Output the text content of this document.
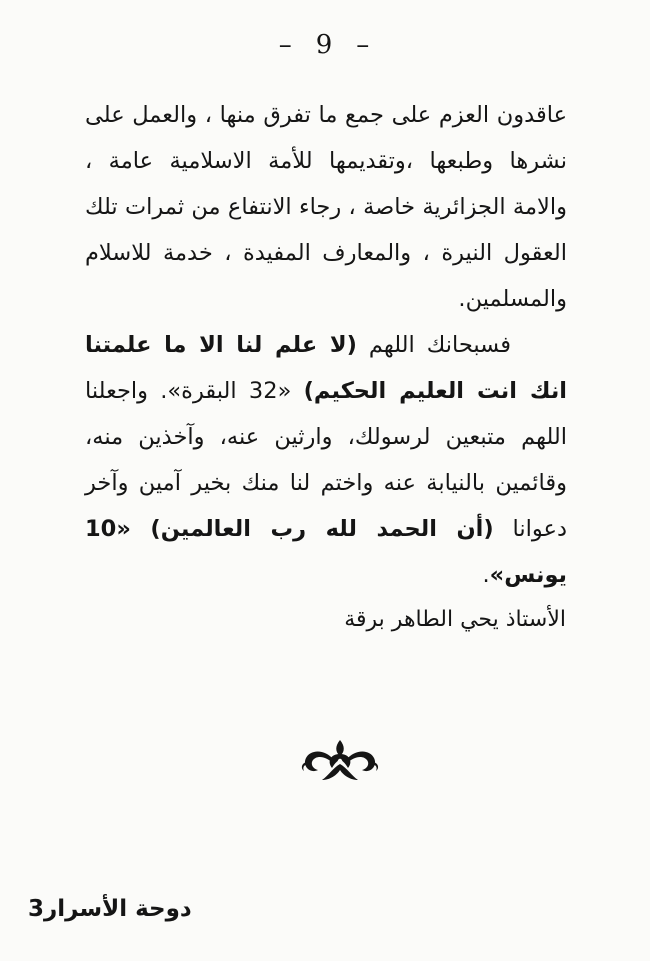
– 9 –

عاقدون العزم على جمع ما تفرق منها ، والعمل على نشرها وطبعها ،وتقديمها للأمة الاسلامية عامة ، والامة الجزائرية خاصة ، رجاء الانتفاع من ثمرات تلك العقول النيرة ، والمعارف المفيدة ، خدمة للاسلام والمسلمين.

فسبحانك اللهم (لا علم لنا الا ما علمتنا انك انت العليم الحكيم) «32 البقرة». واجعلنا اللهم متبعين لرسولك، وارثين عنه، وآخذين منه، وقائمين بالنيابة عنه واختم لنا منك بخير آمين وآخر دعوانا (أن الحمد لله رب العالمين) «10 يونس».

الأستاذ يحي الطاهر برقة
دوحة الأسرار3
